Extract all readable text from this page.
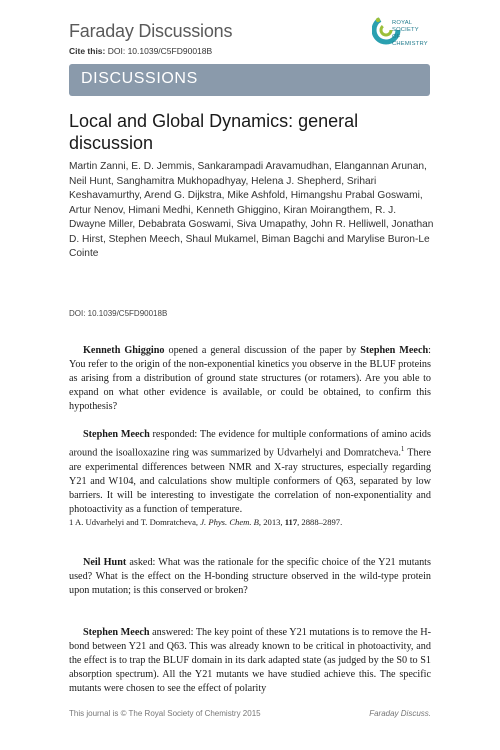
Faraday Discussions
Cite this: DOI: 10.1039/C5FD90018B
ROYAL SOCIETY
OF CHEMISTRY
DISCUSSIONS
Local and Global Dynamics: general discussion
Martin Zanni, E. D. Jemmis, Sankarampadi Aravamudhan, Elangannan Arunan, Neil Hunt, Sanghamitra Mukhopadhyay, Helena J. Shepherd, Srihari Keshavamurthy, Arend G. Dijkstra, Mike Ashfold, Himangshu Prabal Goswami, Artur Nenov, Himani Medhi, Kenneth Ghiggino, Kiran Moirangthem, R. J. Dwayne Miller, Debabrata Goswami, Siva Umapathy, John R. Helliwell, Jonathan D. Hirst, Stephen Meech, Shaul Mukamel, Biman Bagchi and Marylise Buron-Le Cointe
DOI: 10.1039/C5FD90018B
Kenneth Ghiggino opened a general discussion of the paper by Stephen Meech: You refer to the origin of the non-exponential kinetics you observe in the BLUF proteins as arising from a distribution of ground state structures (or rotamers). Are you able to expand on what other evidence is available, or could be obtained, to confirm this hypothesis?
Stephen Meech responded: The evidence for multiple conformations of amino acids around the isoalloxazine ring was summarized by Udvarhelyi and Domratcheva.$^1$ There are experimental differences between NMR and X-ray structures, especially regarding Y21 and W104, and calculations show multiple conformers of Q63, separated by low barriers. It will be interesting to investigate the correlation of non-exponentiality and photoactivity as a function of temperature.
1 A. Udvarhelyi and T. Domratcheva, J. Phys. Chem. B, 2013, 117, 2888–2897.
Neil Hunt asked: What was the rationale for the specific choice of the Y21 mutants used? What is the effect on the H-bonding structure observed in the wild-type protein upon mutation; is this conserved or broken?
Stephen Meech answered: The key point of these Y21 mutations is to remove the H-bond between Y21 and Q63. This was already known to be critical in photoactivity, and the effect is to trap the BLUF domain in its dark adapted state (as judged by the S0 to S1 absorption spectrum). All the Y21 mutants we have studied achieve this. The specific mutants were chosen to see the effect of polarity
This journal is © The Royal Society of Chemistry 2015	Faraday Discuss.
